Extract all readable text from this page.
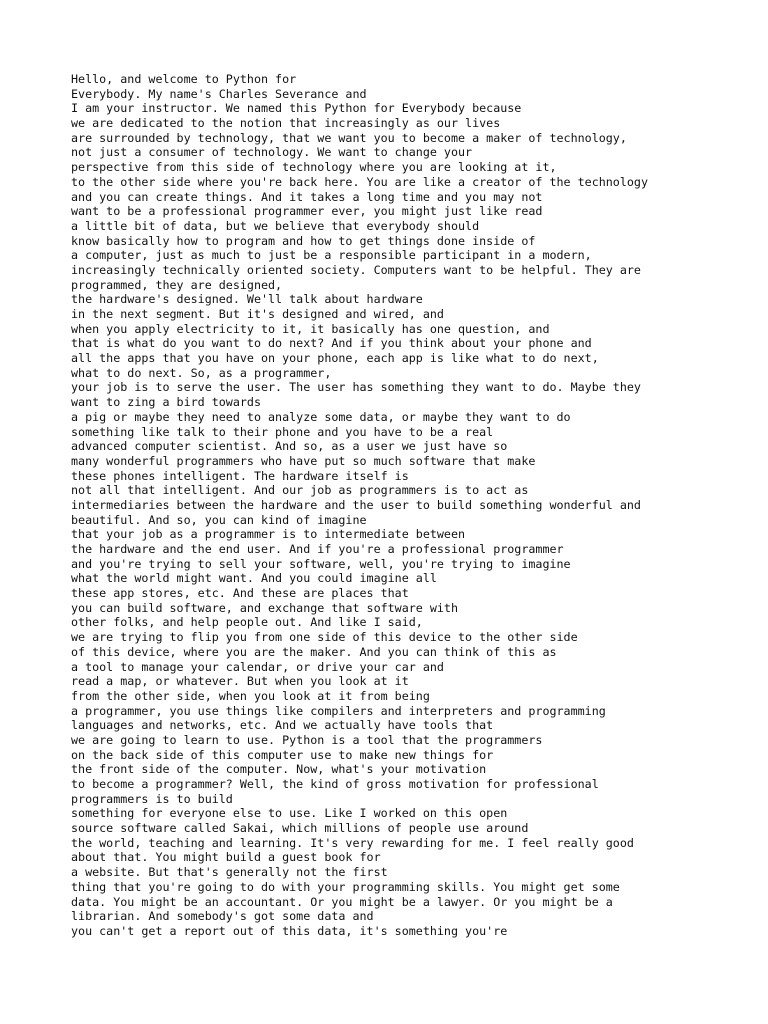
Hello, and welcome to Python for
Everybody. My name's Charles Severance and
I am your instructor. We named this Python for Everybody because
we are dedicated to the notion that increasingly as our lives
are surrounded by technology, that we want you to become a maker of technology,
not just a consumer of technology. We want to change your
perspective from this side of technology where you are looking at it,
to the other side where you're back here. You are like a creator of the technology
and you can create things. And it takes a long time and you may not
want to be a professional programmer ever, you might just like read
a little bit of data, but we believe that everybody should
know basically how to program and how to get things done inside of
a computer, just as much to just be a responsible participant in a modern,
increasingly technically oriented society. Computers want to be helpful. They are
programmed, they are designed,
the hardware's designed. We'll talk about hardware
in the next segment. But it's designed and wired, and
when you apply electricity to it, it basically has one question, and
that is what do you want to do next? And if you think about your phone and
all the apps that you have on your phone, each app is like what to do next,
what to do next. So, as a programmer,
your job is to serve the user. The user has something they want to do. Maybe they
want to zing a bird towards
a pig or maybe they need to analyze some data, or maybe they want to do
something like talk to their phone and you have to be a real
advanced computer scientist. And so, as a user we just have so
many wonderful programmers who have put so much software that make
these phones intelligent. The hardware itself is
not all that intelligent. And our job as programmers is to act as
intermediaries between the hardware and the user to build something wonderful and
beautiful. And so, you can kind of imagine
that your job as a programmer is to intermediate between
the hardware and the end user. And if you're a professional programmer
and you're trying to sell your software, well, you're trying to imagine
what the world might want. And you could imagine all
these app stores, etc. And these are places that
you can build software, and exchange that software with
other folks, and help people out. And like I said,
we are trying to flip you from one side of this device to the other side
of this device, where you are the maker. And you can think of this as
a tool to manage your calendar, or drive your car and
read a map, or whatever. But when you look at it
from the other side, when you look at it from being
a programmer, you use things like compilers and interpreters and programming
languages and networks, etc. And we actually have tools that
we are going to learn to use. Python is a tool that the programmers
on the back side of this computer use to make new things for
the front side of the computer. Now, what's your motivation
to become a programmer? Well, the kind of gross motivation for professional
programmers is to build
something for everyone else to use. Like I worked on this open
source software called Sakai, which millions of people use around
the world, teaching and learning. It's very rewarding for me. I feel really good
about that. You might build a guest book for
a website. But that's generally not the first
thing that you're going to do with your programming skills. You might get some
data. You might be an accountant. Or you might be a lawyer. Or you might be a
librarian. And somebody's got some data and
you can't get a report out of this data, it's something you're
